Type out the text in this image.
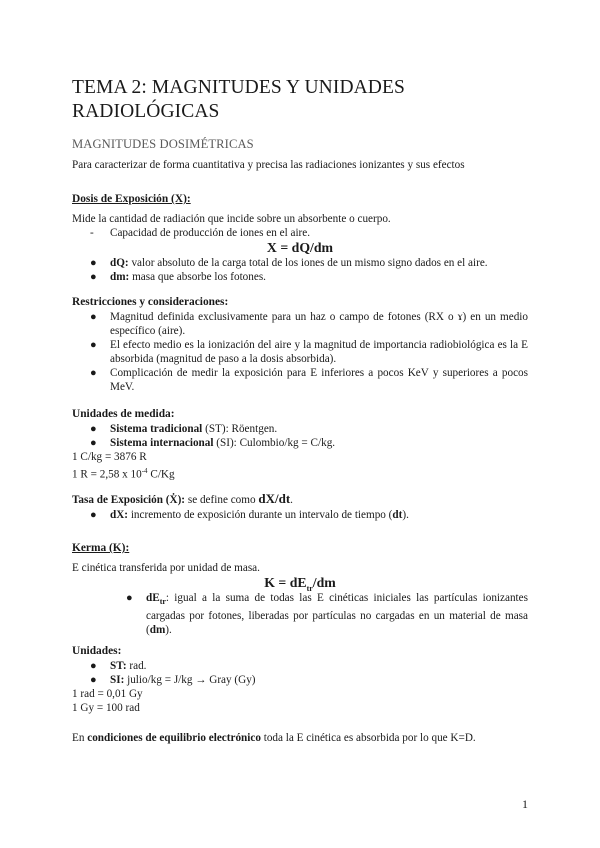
TEMA 2: MAGNITUDES Y UNIDADES RADIOLÓGICAS
MAGNITUDES DOSIMÉTRICAS
Para caracterizar de forma cuantitativa y precisa las radiaciones ionizantes y sus efectos
Dosis de Exposición (X):
Mide la cantidad de radiación que incide sobre un absorbente o cuerpo.
-	Capacidad de producción de iones en el aire.
X = dQ/dm
●	dQ: valor absoluto de la carga total de los iones de un mismo signo dados en el aire.
●	dm: masa que absorbe los fotones.
Restricciones y consideraciones:
●	Magnitud definida exclusivamente para un haz o campo de fotones (RX o ɤ) en un medio específico (aire).
●	El efecto medio es la ionización del aire y la magnitud de importancia radiobiológica es la E absorbida (magnitud de paso a la dosis absorbida).
●	Complicación de medir la exposición para E inferiores a pocos KeV y superiores a pocos MeV.
Unidades de medida:
●	Sistema tradicional (ST): Röentgen.
●	Sistema internacional (SI): Culombio/kg = C/kg.
1 C/kg = 3876 R
1 R = 2,58 x $10^{-4}$ C/Kg
Tasa de Exposición (Ẋ): se define como dX/dt.
●	dX: incremento de exposición durante un intervalo de tiempo (dt).
Kerma (K):
E cinética transferida por unidad de masa.
$K = dE_{tr}/dm$
●	$dE_{tr}$: igual a la suma de todas las E cinéticas iniciales las partículas ionizantes cargadas por fotones, liberadas por partículas no cargadas en un material de masa (dm).
Unidades:
●	ST: rad.
●	SI: julio/kg = J/kg → Gray (Gy)
1 rad = 0,01 Gy
1 Gy = 100 rad
En condiciones de equilibrio electrónico toda la E cinética es absorbida por lo que K=D.
1
